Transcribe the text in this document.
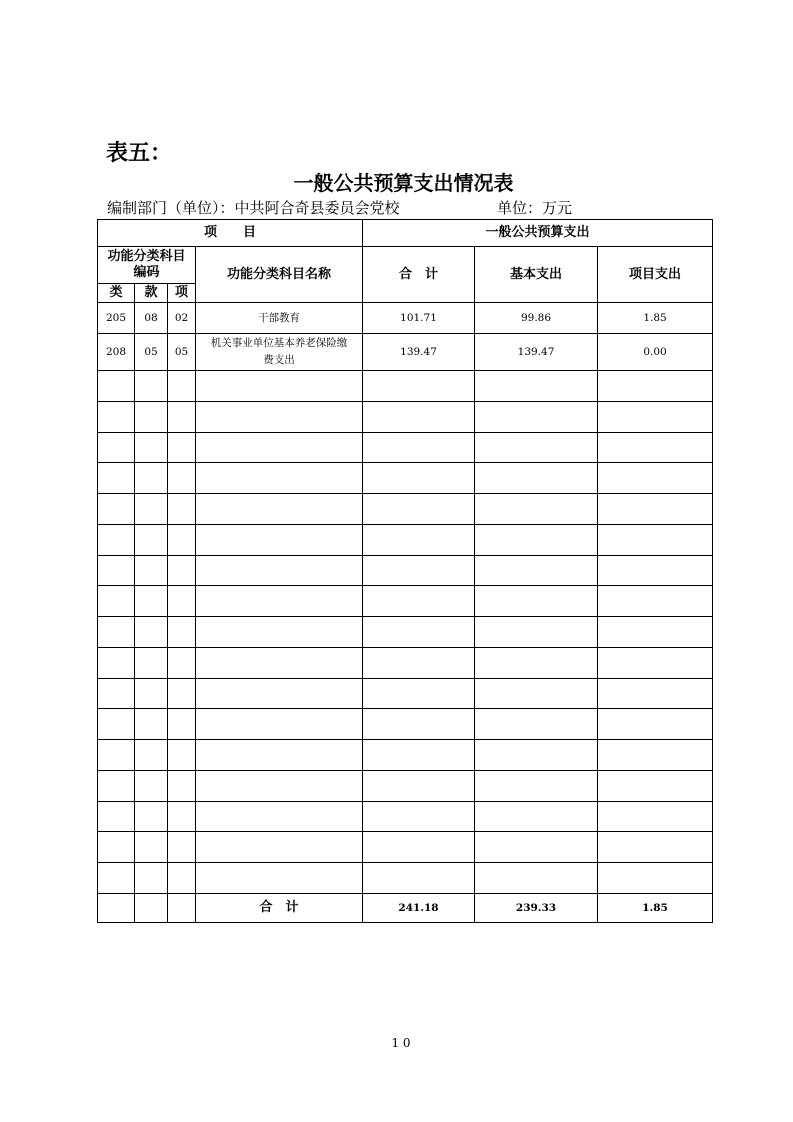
表五：
一般公共预算支出情况表
编制部门（单位）：中共阿合奇县委员会党校	单位：万元
项　　目				一般公共预算支出		

功能分类科目编码			功能分类科目名称	合　计	基本支出	项目支出
类	款	项				
205	08	02	干部教育	101.71	99.86	1.85
208	05	05	机关事业单位基本养老保险缴费支出	139.47	139.47	0.00

			合　计	241.18	239.33	1.85
1 0
